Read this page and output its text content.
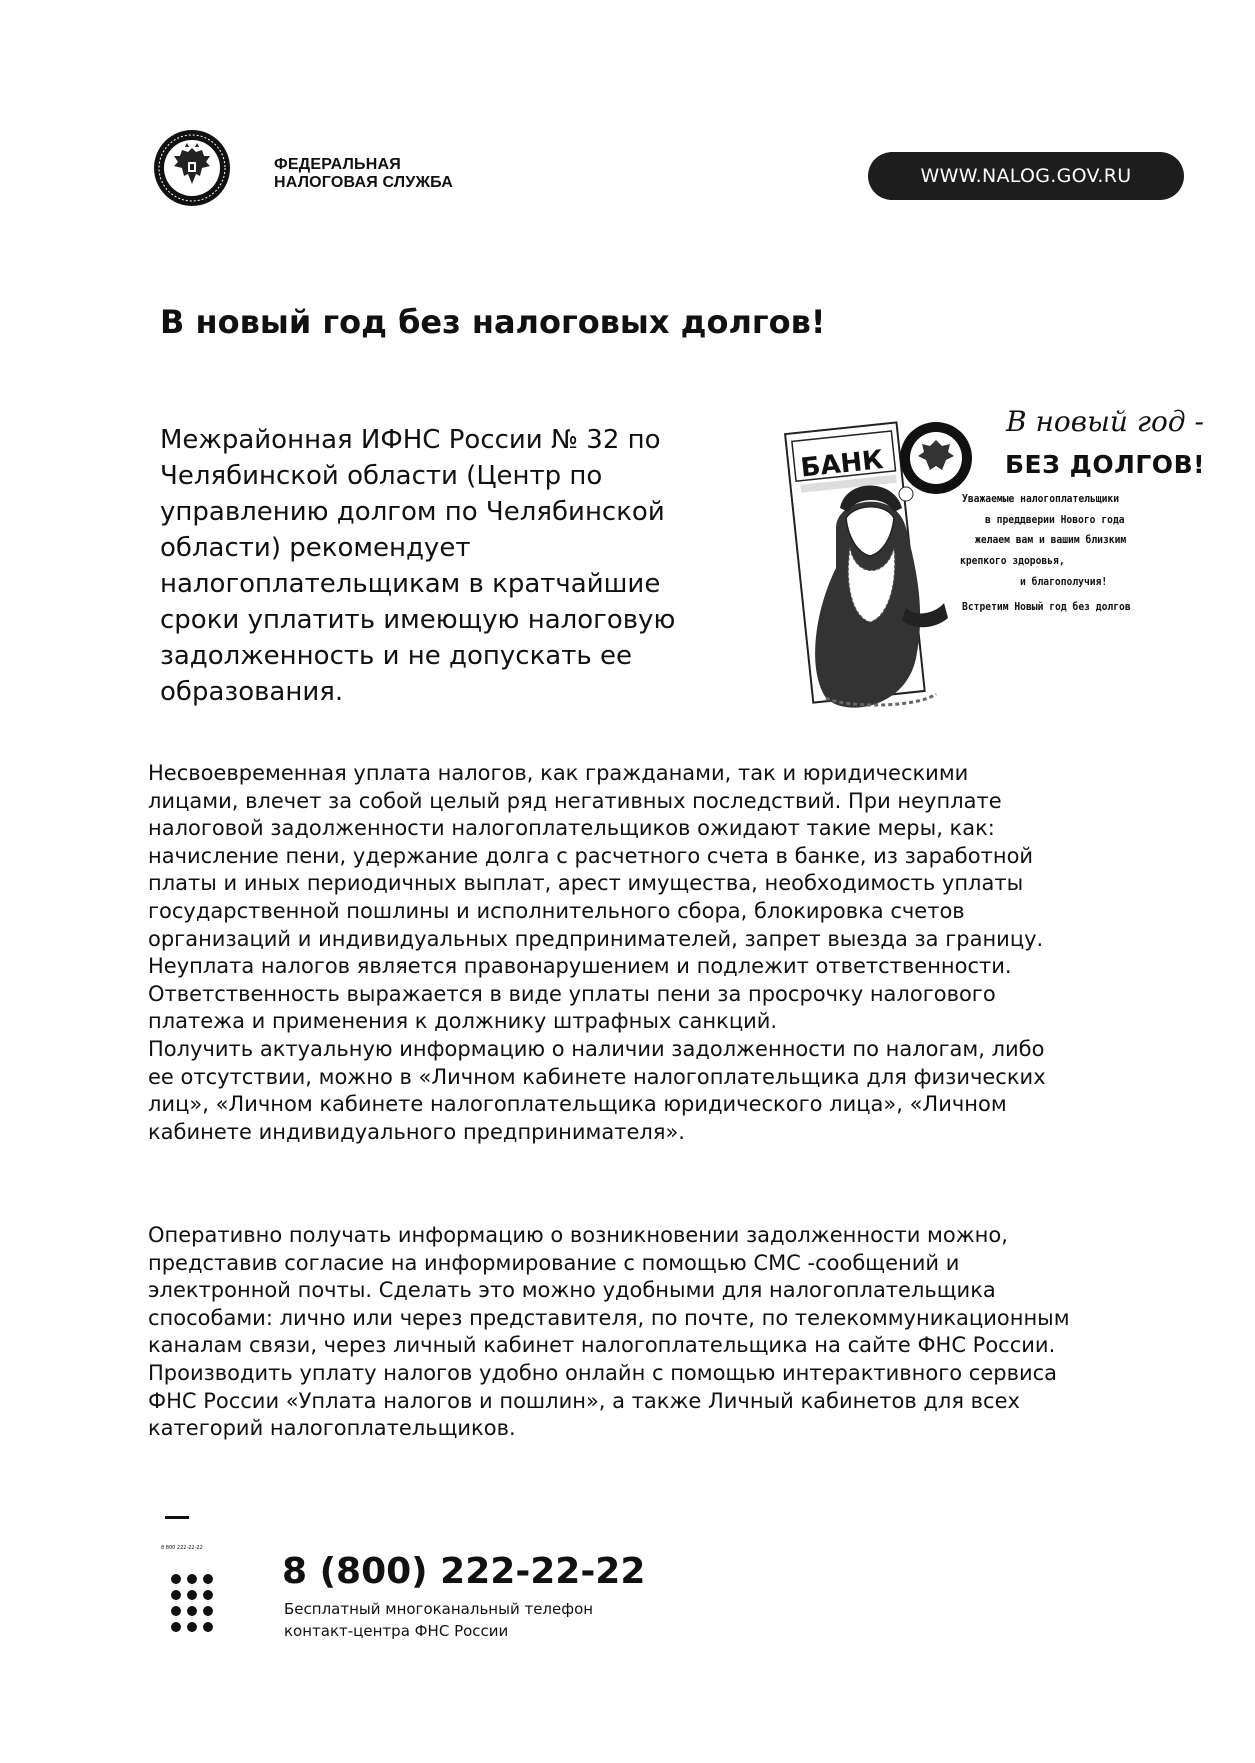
ФЕДЕРАЛЬНАЯ
НАЛОГОВАЯ СЛУЖБА	WWW.NALOG.GOV.RU
В новый год без налоговых долгов!
Межрайонная ИФНС России № 32 по
Челябинской области (Центр по
управлению долгом по Челябинской
области) рекомендует
налогоплательщикам в кратчайшие
сроки уплатить имеющую налоговую
задолженность и не допускать ее
образования.
БАНК
В новый год -
БЕЗ ДОЛГОВ!
Уважаемые налогоплательщики
в преддверии Нового года
желаем вам и вашим близким
крепкого здоровья,
и благополучия!
Встретим Новый год без долгов
Несвоевременная уплата налогов, как гражданами, так и юридическими
лицами, влечет за собой целый ряд негативных последствий. При неуплате
налоговой задолженности налогоплательщиков ожидают такие меры, как:
начисление пени, удержание долга с расчетного счета в банке, из заработной
платы и иных периодичных выплат, арест имущества, необходимость уплаты
государственной пошлины и исполнительного сбора, блокировка счетов
организаций и индивидуальных предпринимателей, запрет выезда за границу.
Неуплата налогов является правонарушением и подлежит ответственности.
Ответственность выражается в виде уплаты пени за просрочку налогового
платежа и применения к должнику штрафных санкций.
Получить актуальную информацию о наличии задолженности по налогам, либо
ее отсутствии, можно в «Личном кабинете налогоплательщика для физических
лиц», «Личном кабинете налогоплательщика юридического лица», «Личном
кабинете индивидуального предпринимателя».
Оперативно получать информацию о возникновении задолженности можно,
представив согласие на информирование с помощью СМС -сообщений и
электронной почты. Сделать это можно удобными для налогоплательщика
способами: лично или через представителя, по почте, по телекоммуникационным
каналам связи, через личный кабинет налогоплательщика на сайте ФНС России.
Производить уплату налогов удобно онлайн с помощью интерактивного сервиса
ФНС России «Уплата налогов и пошлин», а также Личный кабинетов для всех
категорий налогоплательщиков.
8 800 222-22-22
8 (800) 222-22-22
Бесплатный многоканальный телефон
контакт-центра ФНС России
